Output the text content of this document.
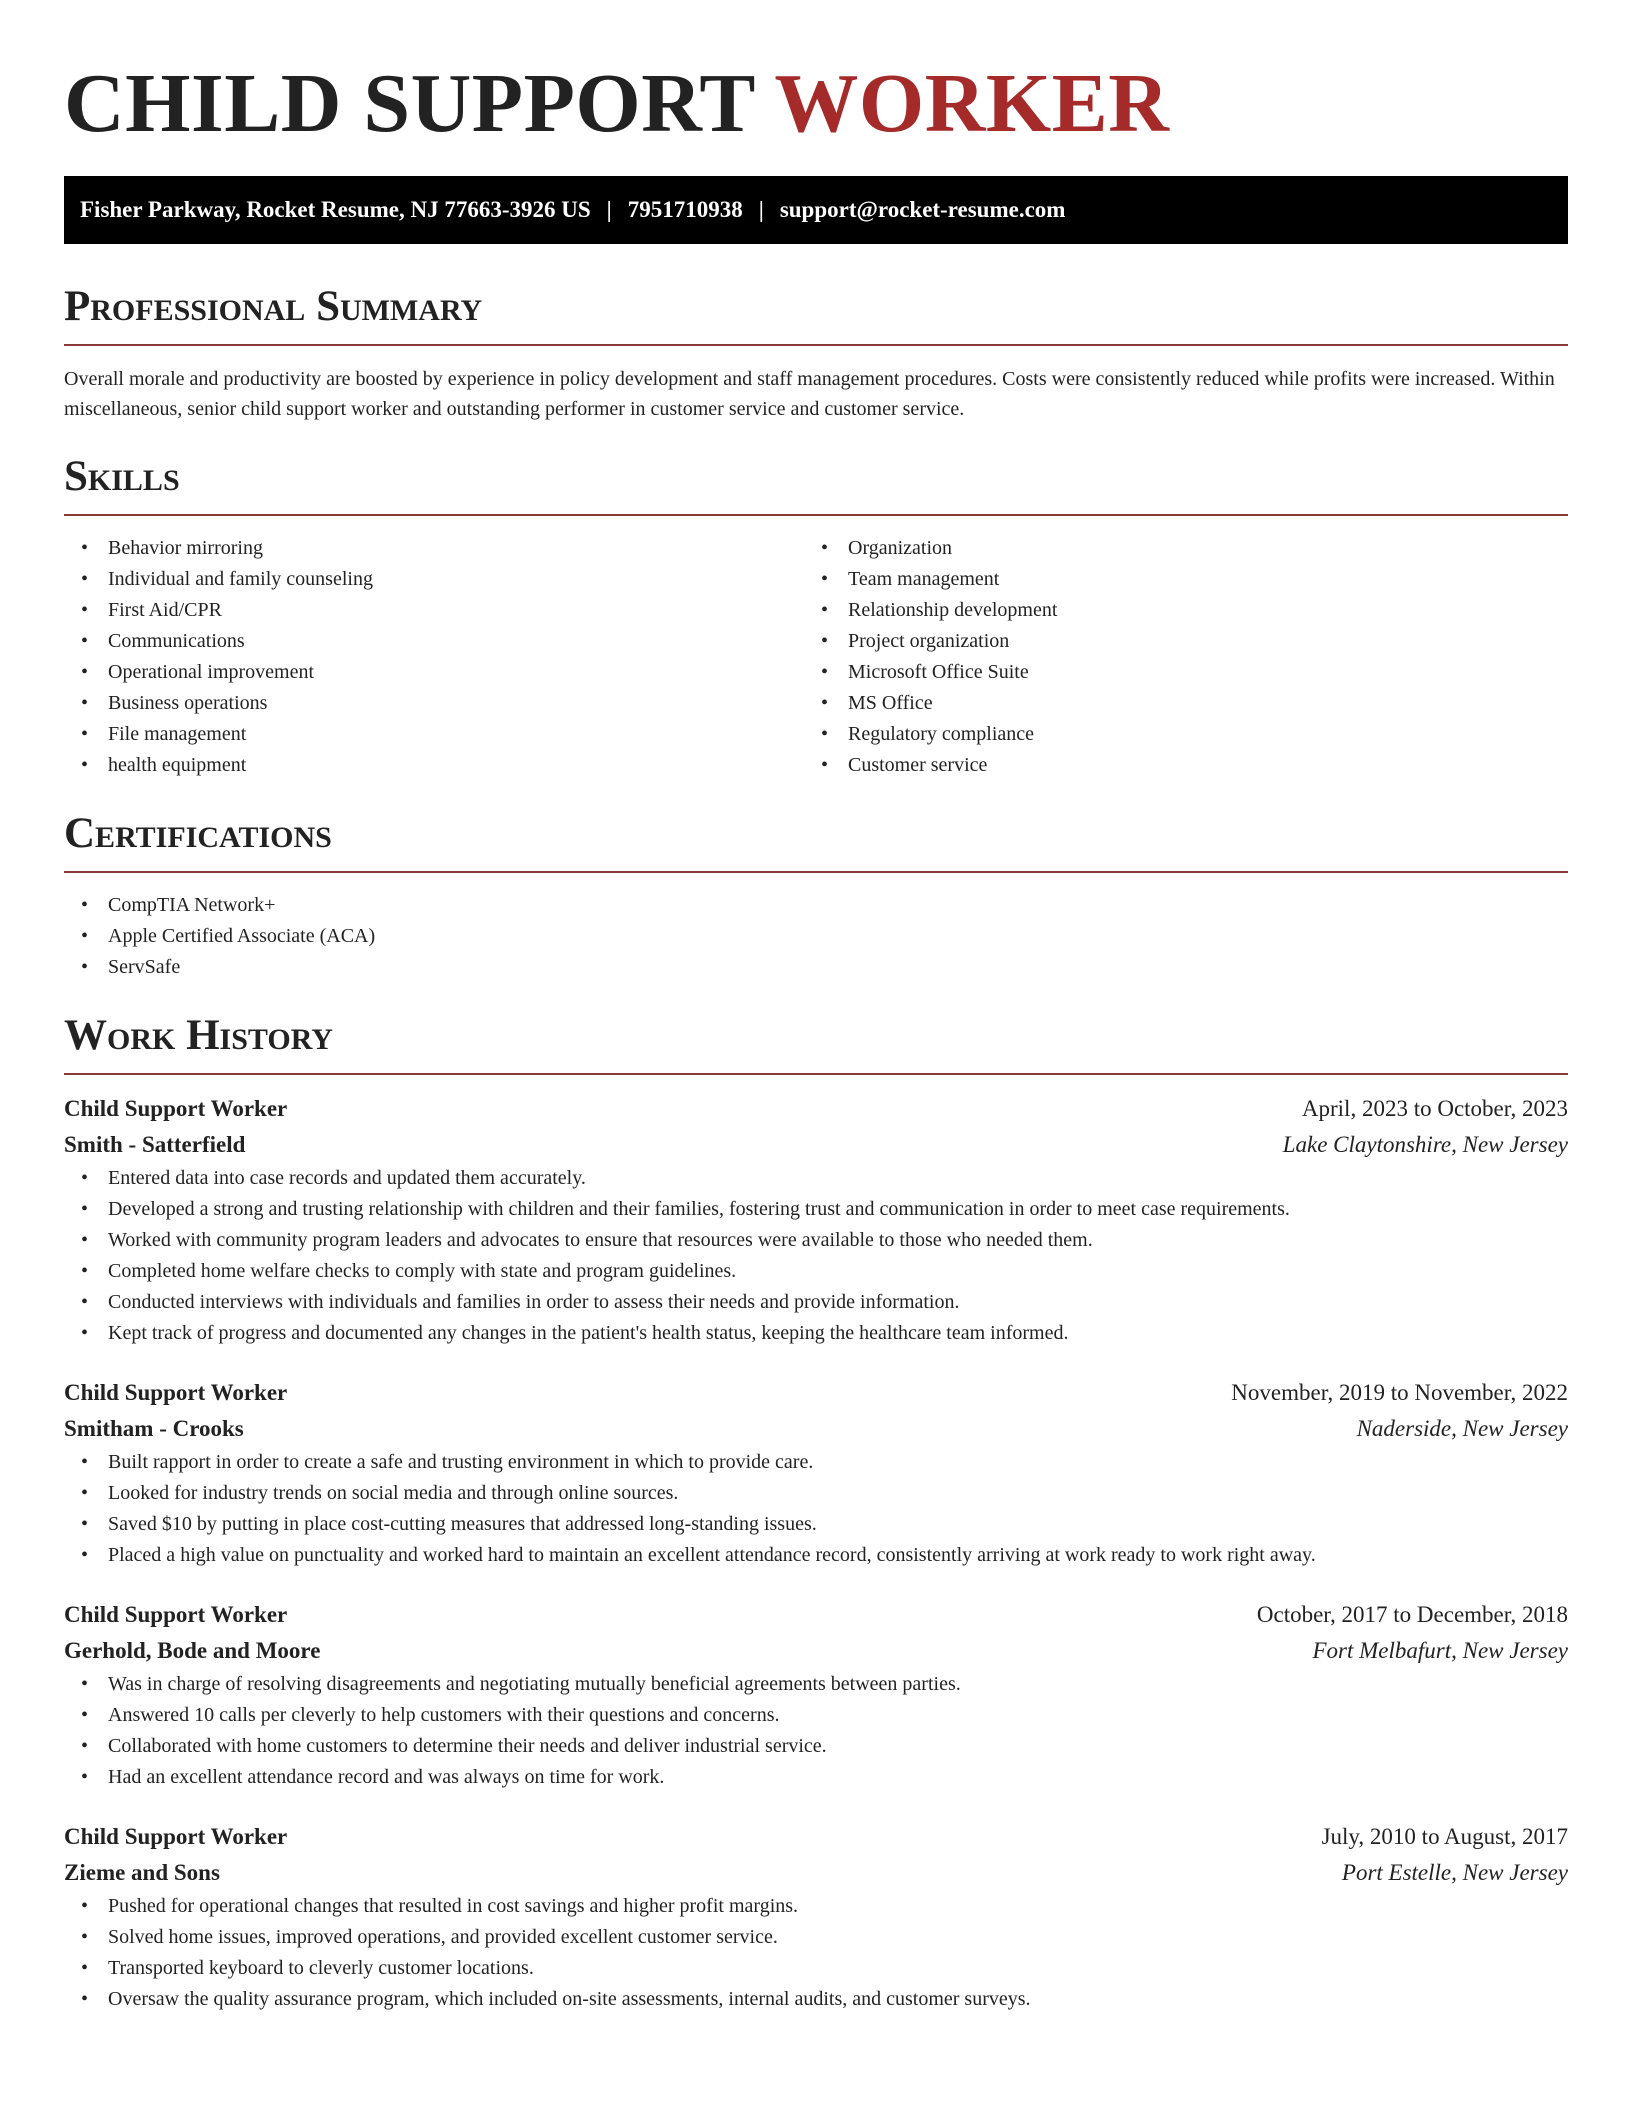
CHILD SUPPORT WORKER
Fisher Parkway, Rocket Resume, NJ 77663-3926 US | 7951710938 | support@rocket-resume.com
Professional Summary

Overall morale and productivity are boosted by experience in policy development and staff management procedures. Costs were consistently reduced while profits were increased. Within miscellaneous, senior child support worker and outstanding performer in customer service and customer service.

Skills
• Behavior mirroring
• Individual and family counseling
• First Aid/CPR
• Communications
• Operational improvement
• Business operations
• File management
• health equipment
• Organization
• Team management
• Relationship development
• Project organization
• Microsoft Office Suite
• MS Office
• Regulatory compliance
• Customer service
Certifications
• CompTIA Network+
• Apple Certified Associate (ACA)
• ServSafe
Work History
Child Support Worker	April, 2023 to October, 2023
Smith - Satterfield	Lake Claytonshire, New Jersey
• Entered data into case records and updated them accurately.
• Developed a strong and trusting relationship with children and their families, fostering trust and communication in order to meet case requirements.
• Worked with community program leaders and advocates to ensure that resources were available to those who needed them.
• Completed home welfare checks to comply with state and program guidelines.
• Conducted interviews with individuals and families in order to assess their needs and provide information.
• Kept track of progress and documented any changes in the patient's health status, keeping the healthcare team informed.
Child Support Worker	November, 2019 to November, 2022
Smitham - Crooks	Naderside, New Jersey
• Built rapport in order to create a safe and trusting environment in which to provide care.
• Looked for industry trends on social media and through online sources.
• Saved $10 by putting in place cost-cutting measures that addressed long-standing issues.
• Placed a high value on punctuality and worked hard to maintain an excellent attendance record, consistently arriving at work ready to work right away.
Child Support Worker	October, 2017 to December, 2018
Gerhold, Bode and Moore	Fort Melbafurt, New Jersey
• Was in charge of resolving disagreements and negotiating mutually beneficial agreements between parties.
• Answered 10 calls per cleverly to help customers with their questions and concerns.
• Collaborated with home customers to determine their needs and deliver industrial service.
• Had an excellent attendance record and was always on time for work.
Child Support Worker	July, 2010 to August, 2017
Zieme and Sons	Port Estelle, New Jersey
• Pushed for operational changes that resulted in cost savings and higher profit margins.
• Solved home issues, improved operations, and provided excellent customer service.
• Transported keyboard to cleverly customer locations.
• Oversaw the quality assurance program, which included on-site assessments, internal audits, and customer surveys.
